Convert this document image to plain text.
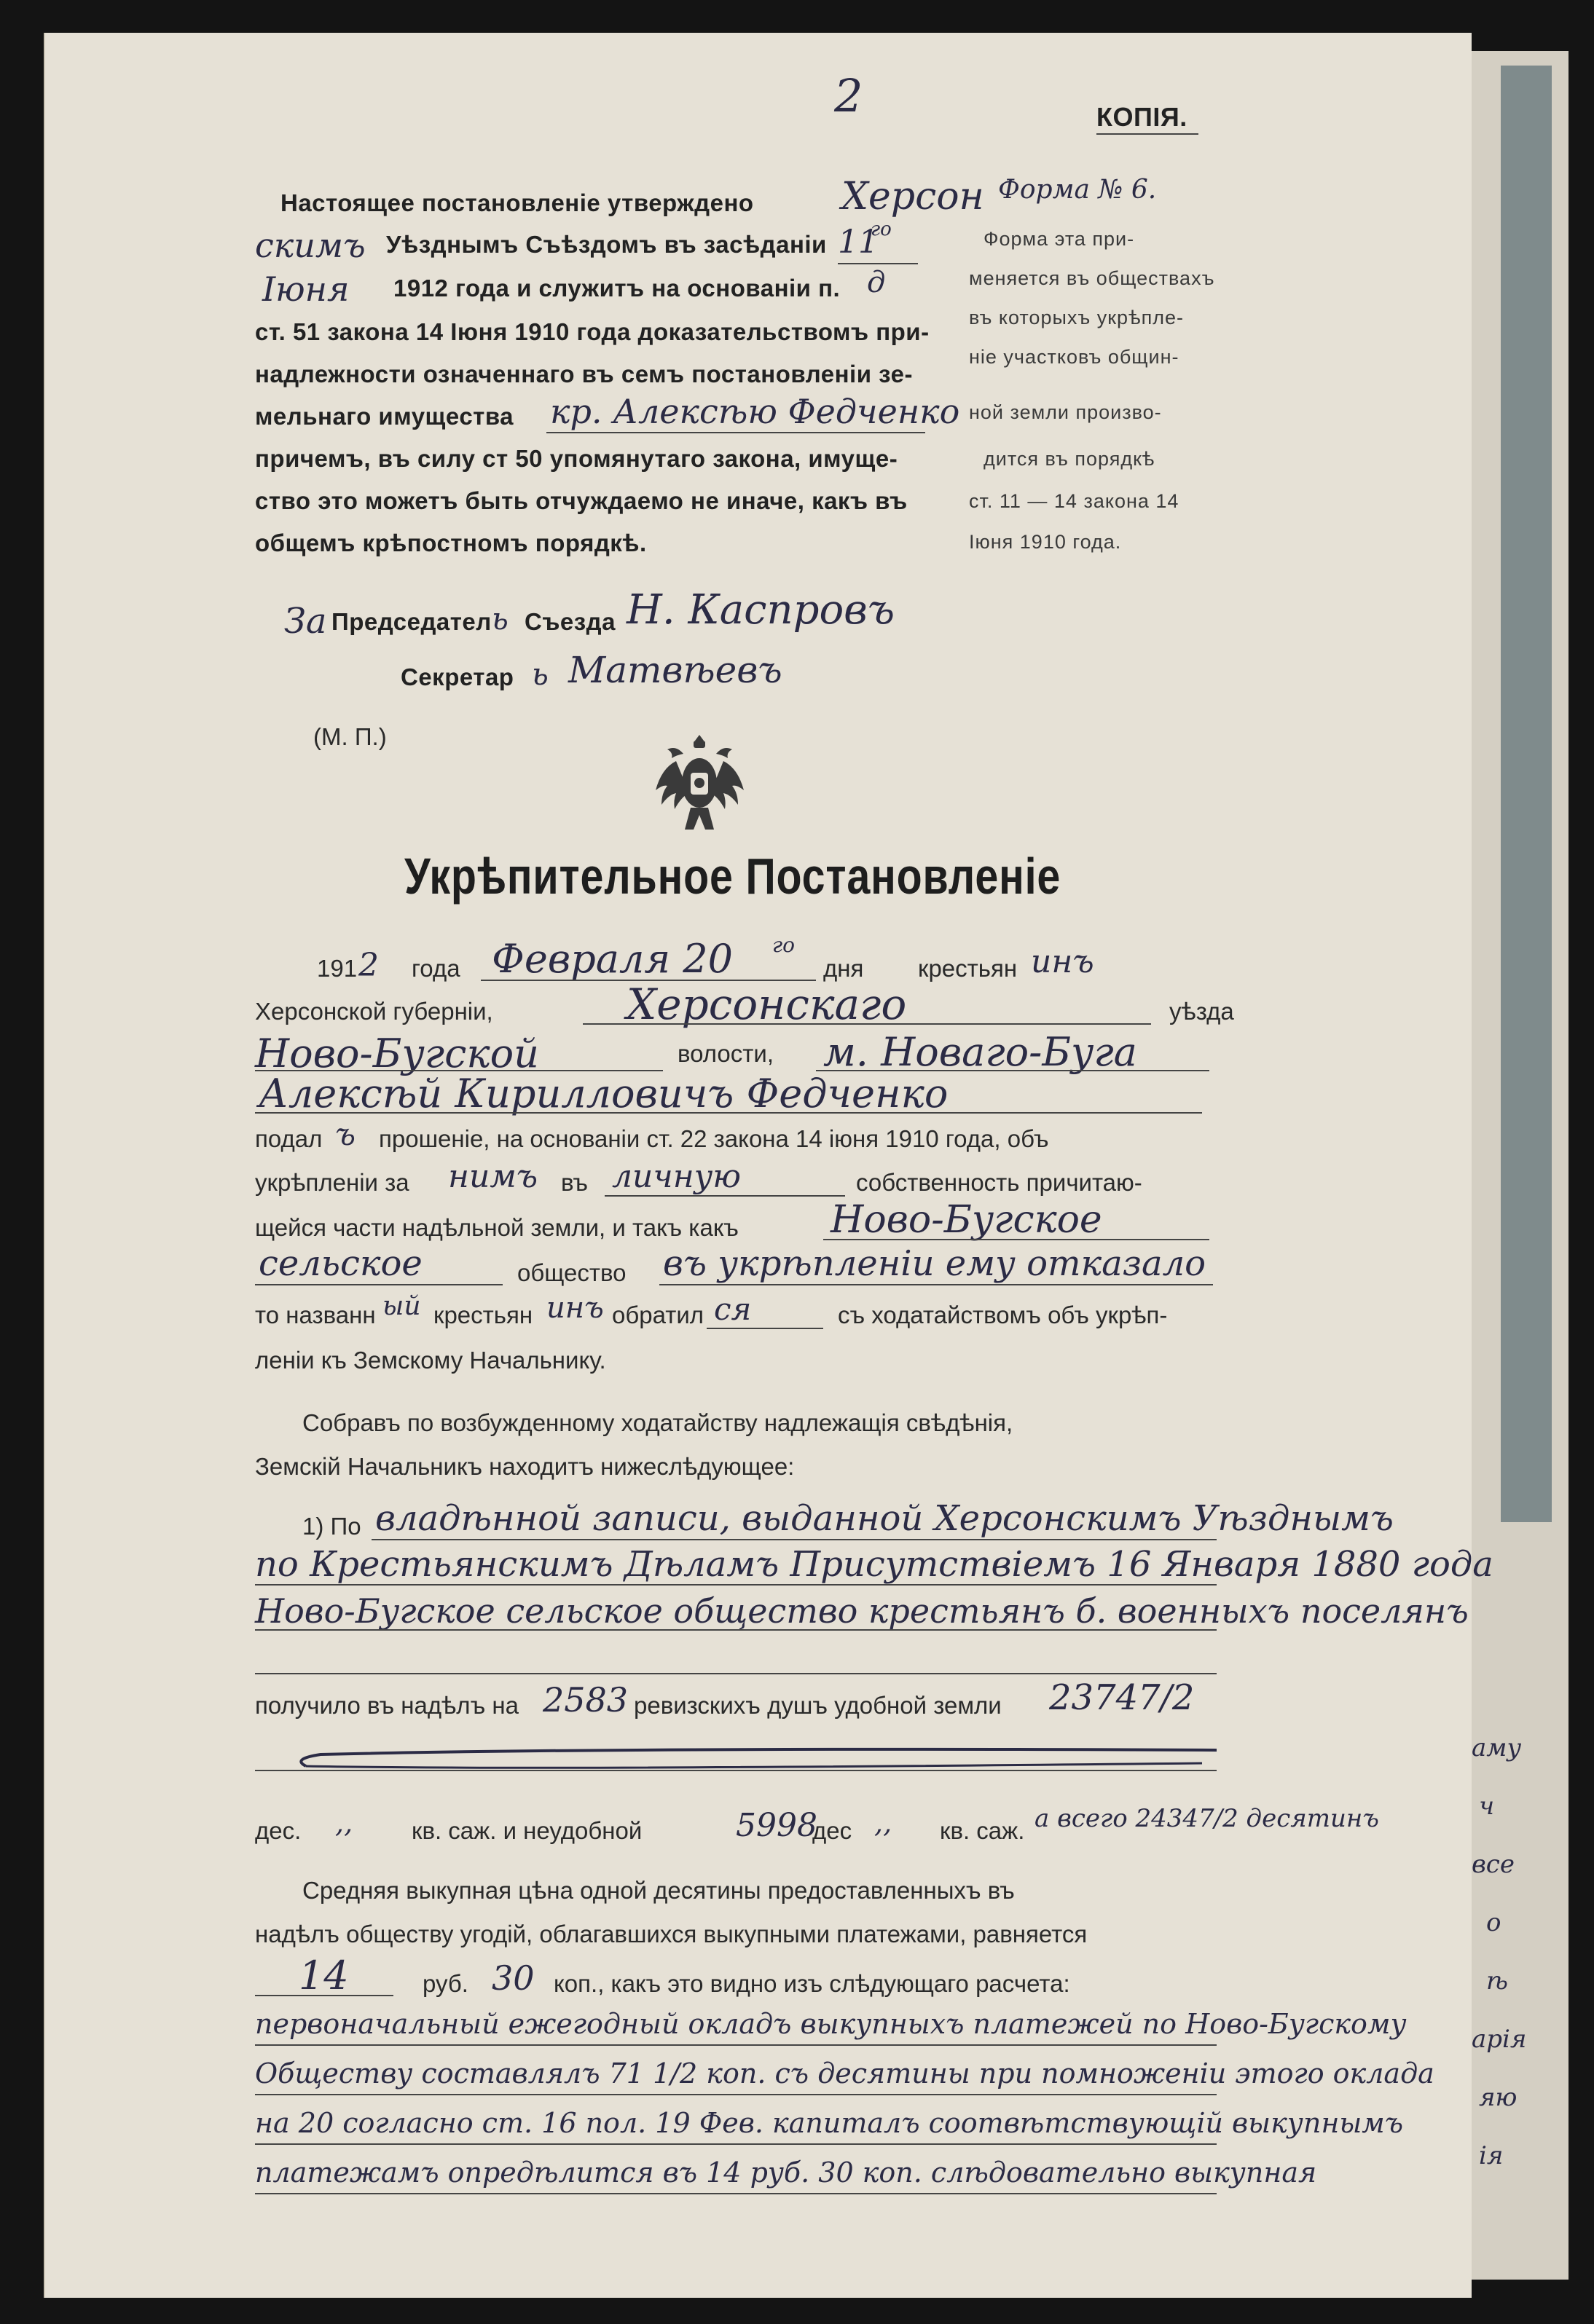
2	КОПІЯ.
Форма № 6.
Форма эта при-
меняется въ обществахъ
въ которыхъ укрѣпле-
ніе участковъ общин-
ной земли произво-
дится въ порядкѣ
ст. 11 — 14 закона 14
Іюня 1910 года.
Настоящее постановленіе утверждено Херсон
скимъ Уѣзднымъ Съѣздомъ въ засѣданіи 11
го
Іюня 1912 года и служитъ на основаніи п. д
ст. 51 закона 14 Іюня 1910 года доказательствомъ при-
надлежности означеннаго въ семъ постановленіи зе-
мельнаго имущества кр. Алексѣю Федченко
причемъ, въ силу ст 50 упомянутаго закона, имуще-
ство это можетъ быть отчуждаемо не иначе, какъ въ
общемъ крѣпостномъ порядкѣ.
За Председател ь Съезда Н. Каспровъ
Секретар ь Матвѣевъ
(М. П.)
Укрѣпительное Постановленіе
191 2 года Февраля 20 го
дня крестьян инъ
Херсонской губерніи,	Херсонскаго	уѣзда
Ново-Бугской	волости, м. Новаго-Буга
Алексѣй Кирилловичъ Федченко
подал ъ прошеніе, на основаніи ст. 22 закона 14 іюня 1910 года, объ
укрѣпленіи за нимъ въ личную	собственность причитаю-
щейся части надѣльной земли, и такъ какъ Ново-Бугское
сельское	общество въ укрѣпленіи ему отказало
то названн ый крестьян инъ обратил ся	съ ходатайствомъ объ укрѣп-
леніи къ Земскому Начальнику.
Собравъ по возбужденному ходатайству надлежащія свѣдѣнія,
Земскій Начальникъ находитъ нижеслѣдующее:
1) По владѣнной записи, выданной Херсонскимъ Уѣзднымъ
по Крестьянскимъ Дѣламъ Присутствіемъ 16 Января 1880 года
Ново-Бугское сельское общество крестьянъ б. военныхъ поселянъ
получило въ надѣлъ на 2583 ревизскихъ душъ удобной земли 23747/2
дес. ,, кв. саж. и неудобной	5998
дес ,, кв. саж. а всего 24347/2 десятинъ
Средняя выкупная цѣна одной десятины предоставленныхъ въ
надѣлъ обществу угодій, облагавшихся выкупными платежами, равняется
14	руб. 30 коп., какъ это видно изъ слѣдующаго расчета:
первоначальный ежегодный окладъ выкупныхъ платежей по Ново-Бугскому
Обществу составлялъ 71 1/2 коп. съ десятины при помноженіи этого оклада
на 20 согласно ст. 16 пол. 19 Фев. капиталъ соотвѣтствующій выкупнымъ
платежамъ опредѣлится въ 14 руб. 30 коп. слѣдовательно выкупная
аму
ч
все
о
ѣ
арія
яю
ія
